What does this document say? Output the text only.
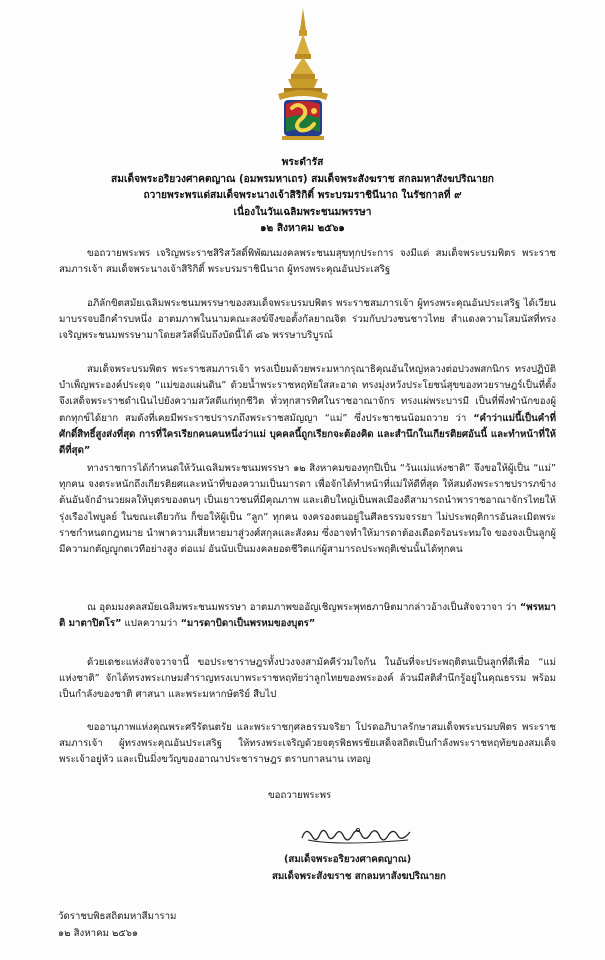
พระดำรัส
สมเด็จพระอริยวงศาคตญาณ (อมพรมหาเถร) สมเด็จพระสังฆราช สกลมหาสังฆปริณายก
ถวายพระพรแด่สมเด็จพระนางเจ้าสิริกิติ์ พระบรมราชินีนาถ ในรัชกาลที่ ๙
เนื่องในวันเฉลิมพระชนมพรรษา
๑๒ สิงหาคม ๒๕๖๑

ขอถวายพระพร เจริญพระราชสิริสวัสดิ์พิพัฒนมงคลพระชนมสุขทุกประการ จงมีแด่ สมเด็จพระบรมพิตร พระราชสมภารเจ้า สมเด็จพระนางเจ้าสิริกิติ์ พระบรมราชินีนาถ ผู้ทรงพระคุณอันประเสริฐ

อภิลักขิตสมัยเฉลิมพระชนมพรรษาของสมเด็จพระบรมบพิตร พระราชสมภารเจ้า ผู้ทรงพระคุณอันประเสริฐ ได้เวียนมาบรรจบอีกคำรบหนึ่ง อาตมภาพในนามคณะสงฆ์จึงขอตั้งกัลยาณจิต ร่วมกับปวงชนชาวไทย สำแดงความโสมนัสที่ทรงเจริญพระชนมพรรษามาโดยสวัสดิ์นับถึงบัดนี้ได้ ๘๖ พรรษาบริบูรณ์

สมเด็จพระบรมพิตร พระราชสมภารเจ้า ทรงเปี่ยมด้วยพระมหากรุณาธิคุณอันใหญ่หลวงต่อปวงพสกนิกร ทรงปฏิบัติบำเพ็ญพระองค์ประดุจ “แม่ของแผ่นดิน” ด้วยน้ำพระราชหฤทัยใสสะอาด ทรงมุ่งหวังประโยชน์สุขของทวยราษฎร์เป็นที่ตั้ง จึงเสด็จพระราชดำเนินไปยังความสวัสดีแก่ทุกชีวิต ทั่วทุกสารทิศในราชอาณาจักร ทรงแผ่พระบารมี เป็นที่พึ่งพำนักของผู้ตกทุกข์ได้ยาก สมดังที่เคยมีพระราชปรารภถึงพระราชสมัญญา “แม่” ซึ่งประชาชนน้อมถวาย ว่า “คำว่าแม่นี้เป็นคำที่ศักดิ์สิทธิ์สูงส่งที่สุด การที่ใครเรียกคนคนหนึ่งว่าแม่ บุคคลนี้ถูกเรียกจะต้องคิด และสำนึกในเกียรติยศอันนี้ และทำหน้าที่ให้ดีที่สุด”

ทางราชการได้กำหนดให้วันเฉลิมพระชนมพรรษา ๑๒ สิงหาคมของทุกปีเป็น “วันแม่แห่งชาติ” จึงขอให้ผู้เป็น “แม่” ทุกคน จงตระหนักถึงเกียรติยศและหน้าที่ของความเป็นมารดา เพื่อจักได้ทำหน้าที่แม่ให้ดีที่สุด ให้สมดังพระราชปรารภข้างต้นอันจักอำนวยผลให้บุตรของตนๆ เป็นเยาวชนที่มีคุณภาพ และเติบใหญ่เป็นพลเมืองดีสามารถนำพาราชอาณาจักรไทยให้รุ่งเรืองไพบูลย์ ในขณะเดียวกัน ก็ขอให้ผู้เป็น “ลูก” ทุกคน จงครองตนอยู่ในศีลธรรมจรรยา ไม่ประพฤติการอันละเมิดพระราชกำหนดกฎหมาย นำพาความเสี่ยหายมาสู่วงศ์สกุลและสังคม ซึ่งอาจทำให้มารดาต้องเดือดร้อนระทมใจ ของจงเป็นลูกผู้มีความกตัญญูกตเวทีอย่างสูง ต่อแม่ อันนับเป็นมงคลยอดชีวิตแก่ผู้สามารถประพฤติเช่นนั้นได้ทุกคน

ณ อุดมมงคลสมัยเฉลิมพระชนมพรรษา อาตมภาพขออัญเชิญพระพุทธภาษิตมากล่าวอ้างเป็นสัจจวาจา ว่า “พรหมาติ มาตาปิตโร” แปลความว่า “มารดาบิดาเป็นพรหมของบุตร”

ด้วยเดชะแห่งสัจจวาจานี้ ขอประชาราษฎรทั้งปวงจงสามัคคีร่วมใจกัน ในอันที่จะประพฤติตนเป็นลูกที่ดีเพื่อ “แม่แห่งชาติ” จักได้ทรงพระเกษมสำราญทรงเบาพระราชหฤทัยว่าลูกไทยของพระองค์ ล้วนมีสติสำนึกรู้อยู่ในคุณธรรม พร้อมเป็นกำลังของชาติ ศาสนา และพระมหากษัตริย์ สืบไป

ขออานุภาพแห่งคุณพระศรีรัตนตรัย และพระราชกุศลธรรมจริยา โปรดอภิบาลรักษาสมเด็จพระบรมบพิตร พระราชสมภารเจ้า ผู้ทรงพระคุณอันประเสริฐ ให้ทรงพระเจริญด้วยจตุรพิธพรชัยเสด็จสถิตเป็นกำลังพระราชหฤทัยของสมเด็จพระเจ้าอยู่หัว และเป็นมิ่งขวัญของอาณาประชาราษฎร ตราบกาลนาน เทอญ

ขอถวายพระพร
(สมเด็จพระอริยวงศาคตญาณ)
สมเด็จพระสังฆราช สกลมหาสังฆปริณายก
วัดราชบพิธสถิตมหาสีมาราม
๑๒ สิงหาคม ๒๕๖๑
